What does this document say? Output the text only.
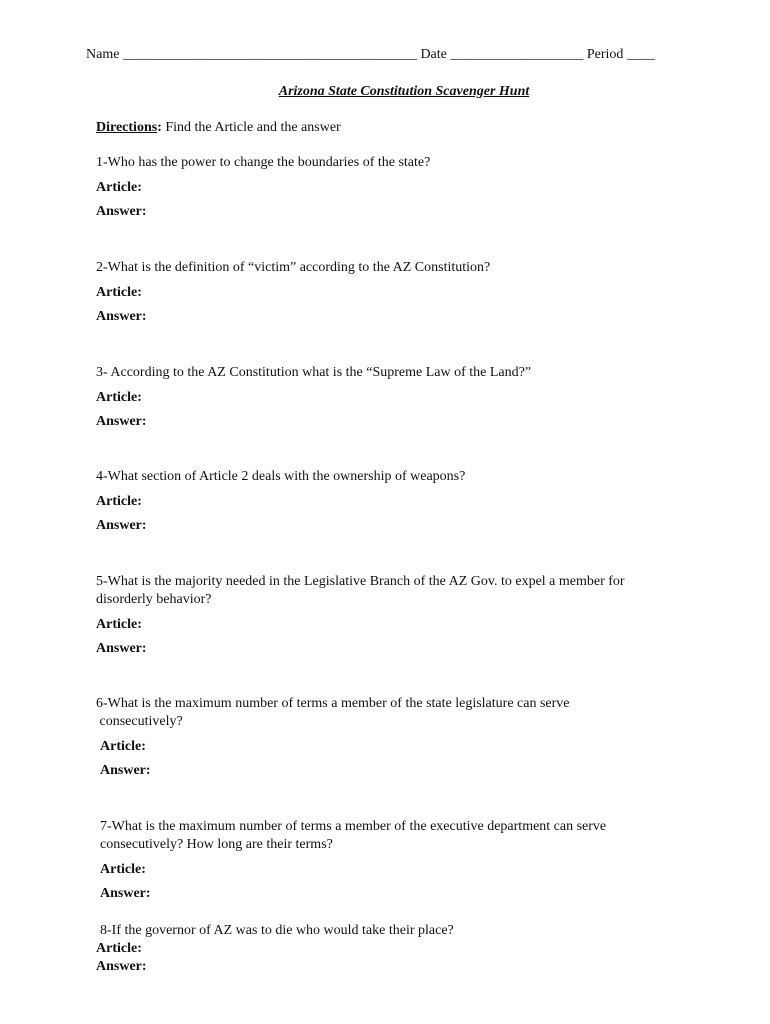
Name __________________________________________ Date ___________________ Period ____
Arizona State Constitution Scavenger Hunt
Directions: Find the Article and the answer

1-Who has the power to change the boundaries of the state?

Article:

Answer:

2-What is the definition of “victim” according to the AZ Constitution?

Article:

Answer:

3- According to the AZ Constitution what is the “Supreme Law of the Land?”

Article:

Answer:

4-What section of Article 2 deals with the ownership of weapons?

Article:

Answer:

5-What is the majority needed in the Legislative Branch of the AZ Gov. to expel a member for

disorderly behavior?

Article:

Answer:

6-What is the maximum number of terms a member of the state legislature can serve

consecutively?

Article:

Answer:

7-What is the maximum number of terms a member of the executive department can serve

consecutively? How long are their terms?

Article:

Answer:

8-If the governor of AZ was to die who would take their place?

Article:

Answer:
